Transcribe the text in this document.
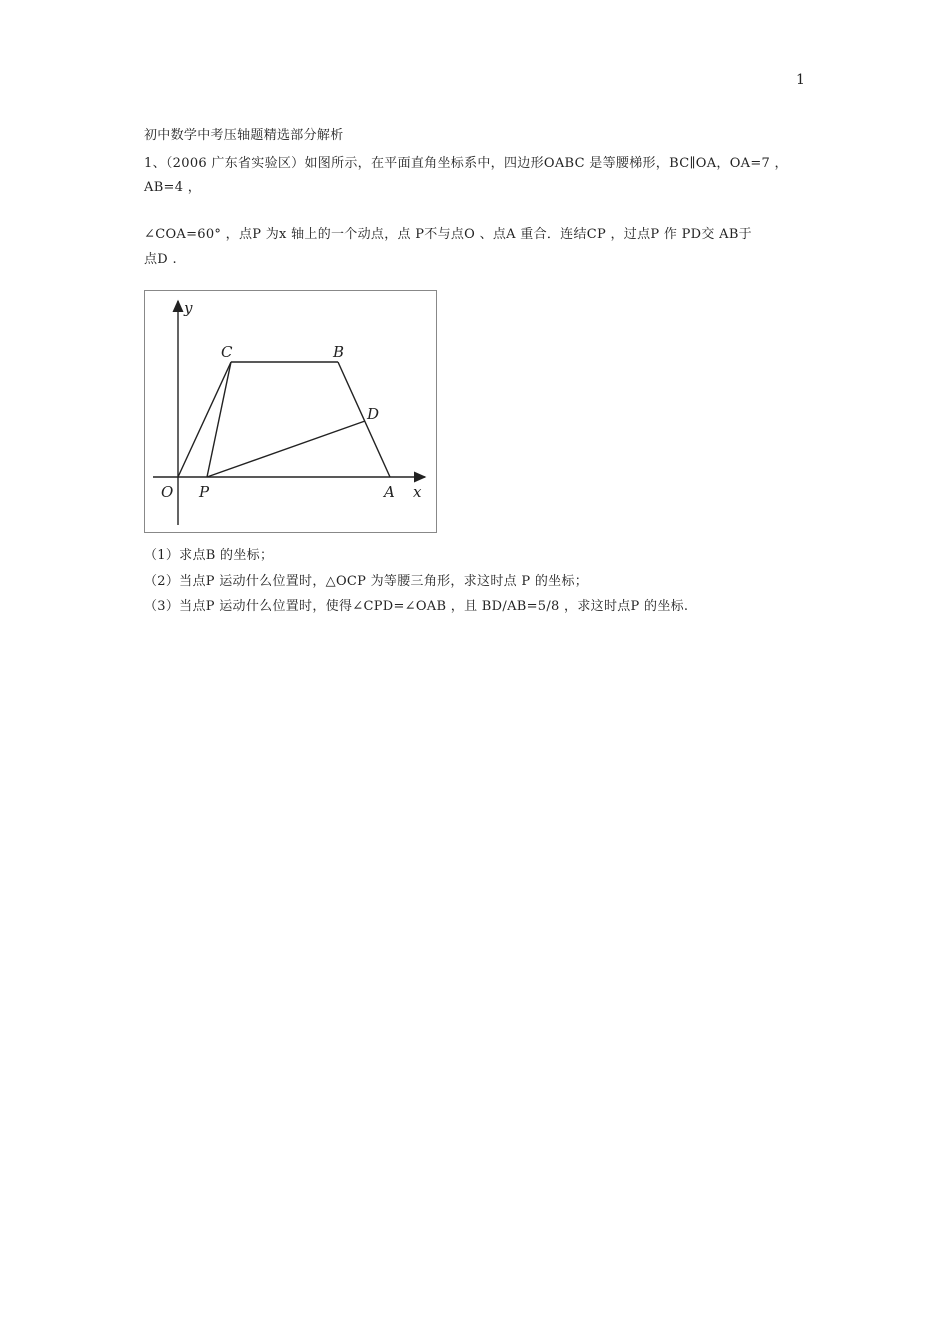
1
初中数学中考压轴题精选部分解析
1、（2006 广东省实验区）如图所示，在平面直角坐标系中，四边形OABC 是等腰梯形，BC∥OA，OA=7 ，
AB=4 ，
∠COA=60° ，点P 为x 轴上的一个动点，点 P不与点O 、点A 重合．连结CP ，过点P 作 PD交 AB于
点D .
y
x
O P	A
C	B
D
（1）求点B 的坐标；
（2）当点P 运动什么位置时，△OCP 为等腰三角形，求这时点 P 的坐标；
（3）当点P 运动什么位置时，使得∠CPD=∠OAB ，且 BD/AB=5/8 ，求这时点P 的坐标.
